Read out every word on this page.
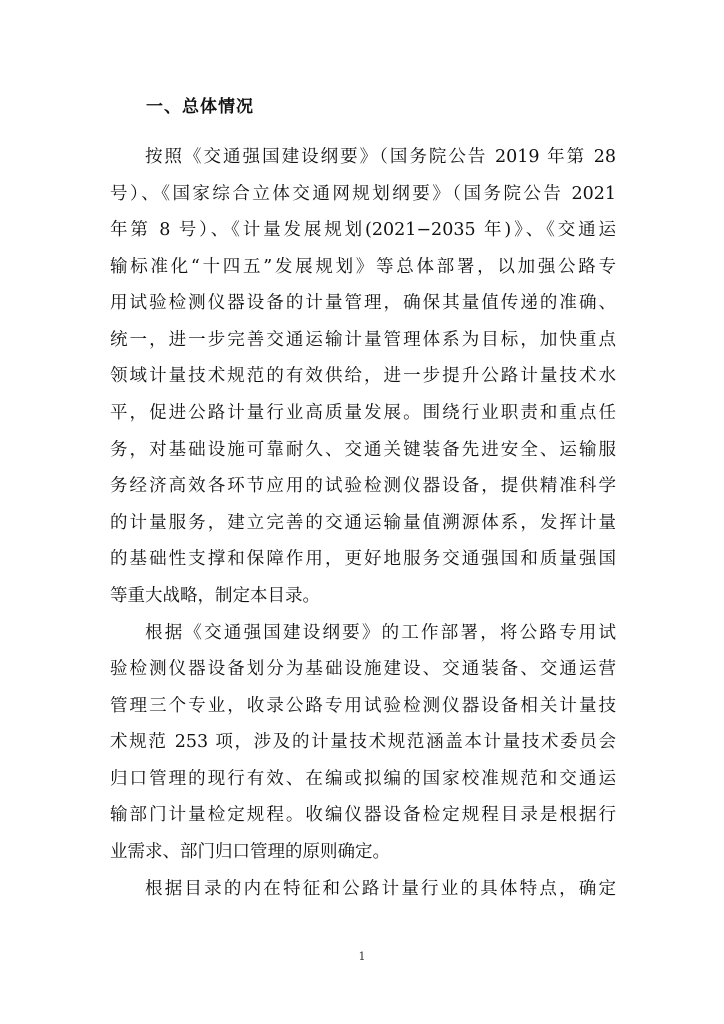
一、总体情况
按照《交通强国建设纲要》（国务院公告 2019 年第 28
号）、《国家综合立体交通网规划纲要》（国务院公告 2021
年第 8 号）、《计量发展规划(2021−2035 年)》、《交通运
输标准化“十四五”发展规划》等总体部署，以加强公路专
用试验检测仪器设备的计量管理，确保其量值传递的准确、
统一，进一步完善交通运输计量管理体系为目标，加快重点
领域计量技术规范的有效供给，进一步提升公路计量技术水
平，促进公路计量行业高质量发展。围绕行业职责和重点任
务，对基础设施可靠耐久、交通关键装备先进安全、运输服
务经济高效各环节应用的试验检测仪器设备，提供精准科学
的计量服务，建立完善的交通运输量值溯源体系，发挥计量
的基础性支撑和保障作用，更好地服务交通强国和质量强国
等重大战略，制定本目录。
根据《交通强国建设纲要》的工作部署，将公路专用试
验检测仪器设备划分为基础设施建设、交通装备、交通运营
管理三个专业，收录公路专用试验检测仪器设备相关计量技
术规范 253 项，涉及的计量技术规范涵盖本计量技术委员会
归口管理的现行有效、在编或拟编的国家校准规范和交通运
输部门计量检定规程。收编仪器设备检定规程目录是根据行
业需求、部门归口管理的原则确定。
根据目录的内在特征和公路计量行业的具体特点，确定
1
